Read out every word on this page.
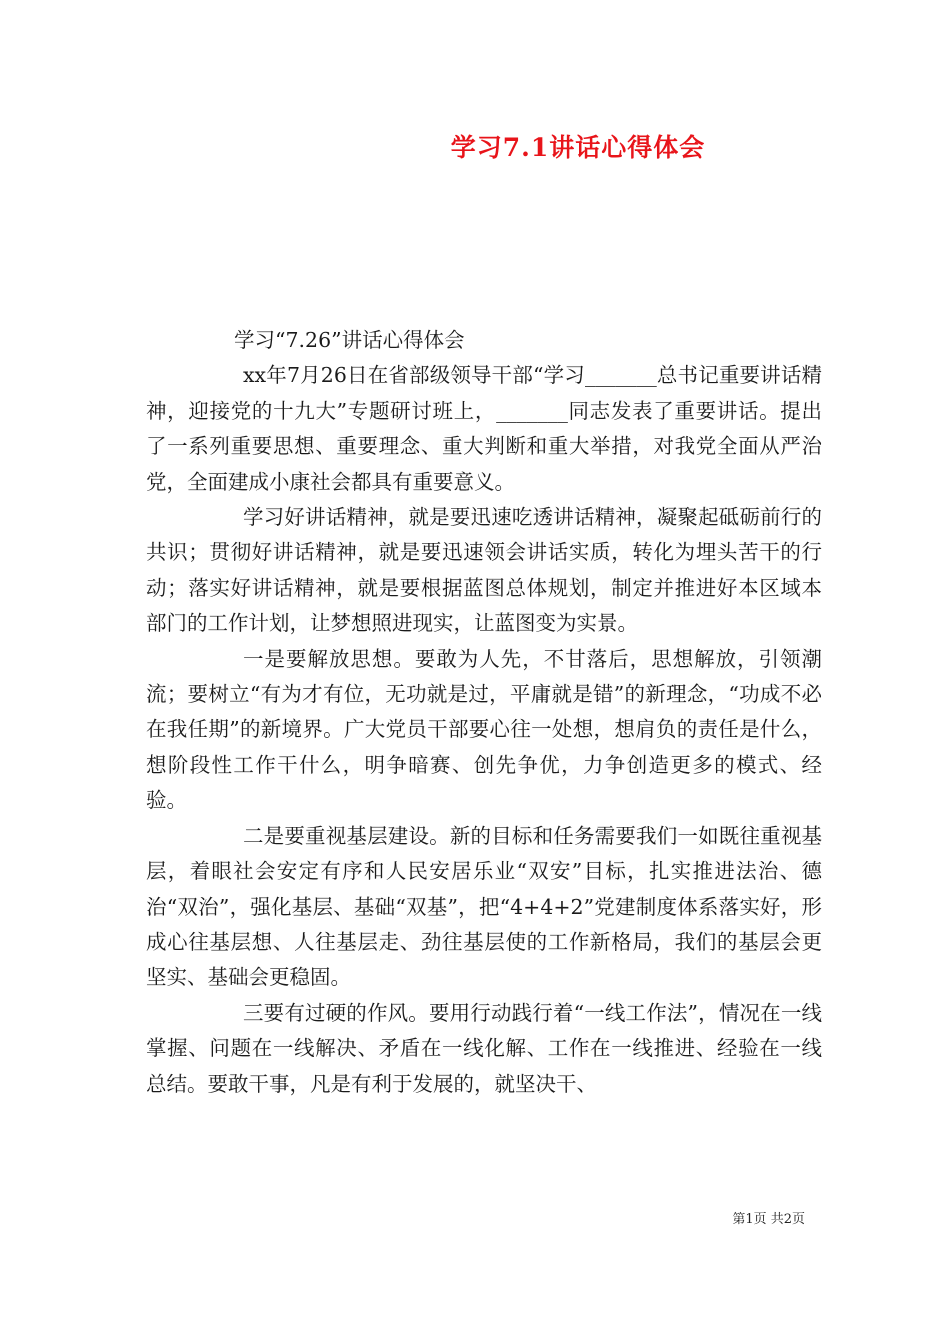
学习7.1讲话心得体会

学习“7.26”讲话心得体会

xx年7月26日在省部级领导干部“学习_______总书记重要讲话精神，迎接党的十九大”专题研讨班上，_______同志发表了重要讲话。提出了一系列重要思想、重要理念、重大判断和重大举措，对我党全面从严治党，全面建成小康社会都具有重要意义。

学习好讲话精神，就是要迅速吃透讲话精神，凝聚起砥砺前行的共识；贯彻好讲话精神，就是要迅速领会讲话实质，转化为埋头苦干的行动；落实好讲话精神，就是要根据蓝图总体规划，制定并推进好本区域本部门的工作计划，让梦想照进现实，让蓝图变为实景。

一是要解放思想。要敢为人先，不甘落后，思想解放，引领潮流；要树立“有为才有位，无功就是过，平庸就是错”的新理念，“功成不必在我任期”的新境界。广大党员干部要心往一处想，想肩负的责任是什么，想阶段性工作干什么，明争暗赛、创先争优，力争创造更多的模式、经验。

二是要重视基层建设。新的目标和任务需要我们一如既往重视基层，着眼社会安定有序和人民安居乐业“双安”目标，扎实推进法治、德治“双治”，强化基层、基础“双基”，把“4+4+2”党建制度体系落实好，形成心往基层想、人往基层走、劲往基层使的工作新格局，我们的基层会更坚实、基础会更稳固。

三要有过硬的作风。要用行动践行着“一线工作法”，情况在一线掌握、问题在一线解决、矛盾在一线化解、工作在一线推进、经验在一线总结。要敢干事，凡是有利于发展的，就坚决干、

第1页 共2页
